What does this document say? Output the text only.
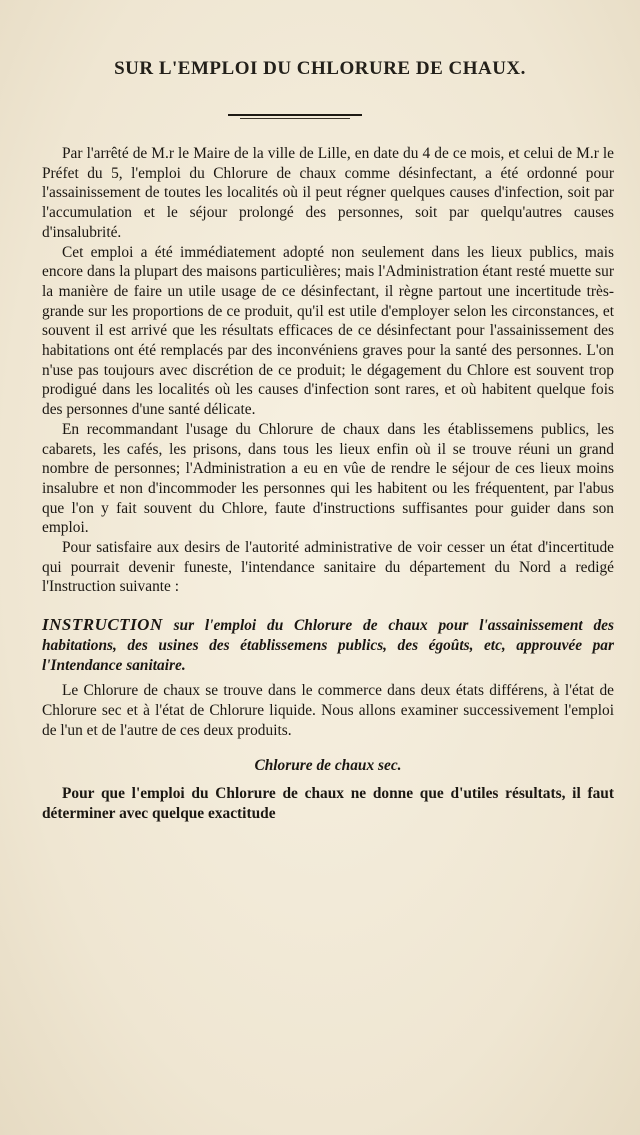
SUR L'EMPLOI DU CHLORURE DE CHAUX.

Par l'arrêté de M.r le Maire de la ville de Lille, en date du 4 de ce mois, et celui de M.r le Préfet du 5, l'emploi du Chlorure de chaux comme désinfectant, a été ordonné pour l'assainissement de toutes les localités où il peut régner quelques causes d'infection, soit par l'accumulation et le séjour prolongé des personnes, soit par quelqu'autres causes d'insalubrité.

Cet emploi a été immédiatement adopté non seulement dans les lieux publics, mais encore dans la plupart des maisons particulières; mais l'Administration étant resté muette sur la manière de faire un utile usage de ce désinfectant, il règne partout une incertitude très-grande sur les proportions de ce produit, qu'il est utile d'employer selon les circonstances, et souvent il est arrivé que les résultats efficaces de ce désinfectant pour l'assainissement des habitations ont été remplacés par des inconvéniens graves pour la santé des personnes. L'on n'use pas toujours avec discrétion de ce produit; le dégagement du Chlore est souvent trop prodigué dans les localités où les causes d'infection sont rares, et où habitent quelque fois des personnes d'une santé délicate.

En recommandant l'usage du Chlorure de chaux dans les établissemens publics, les cabarets, les cafés, les prisons, dans tous les lieux enfin où il se trouve réuni un grand nombre de personnes; l'Administration a eu en vûe de rendre le séjour de ces lieux moins insalubre et non d'incommoder les personnes qui les habitent ou les fréquentent, par l'abus que l'on y fait souvent du Chlore, faute d'instructions suffisantes pour guider dans son emploi.

Pour satisfaire aux desirs de l'autorité administrative de voir cesser un état d'incertitude qui pourrait devenir funeste, l'intendance sanitaire du département du Nord a redigé l'Instruction suivante :

INSTRUCTION sur l'emploi du Chlorure de chaux pour l'assainissement des habitations, des usines des établissemens publics, des égoûts, etc, approuvée par l'Intendance sanitaire.

Le Chlorure de chaux se trouve dans le commerce dans deux états différens, à l'état de Chlorure sec et à l'état de Chlorure liquide. Nous allons examiner successivement l'emploi de l'un et de l'autre de ces deux produits.

Chlorure de chaux sec.

Pour que l'emploi du Chlorure de chaux ne donne que d'utiles résultats, il faut déterminer avec quelque exactitude
